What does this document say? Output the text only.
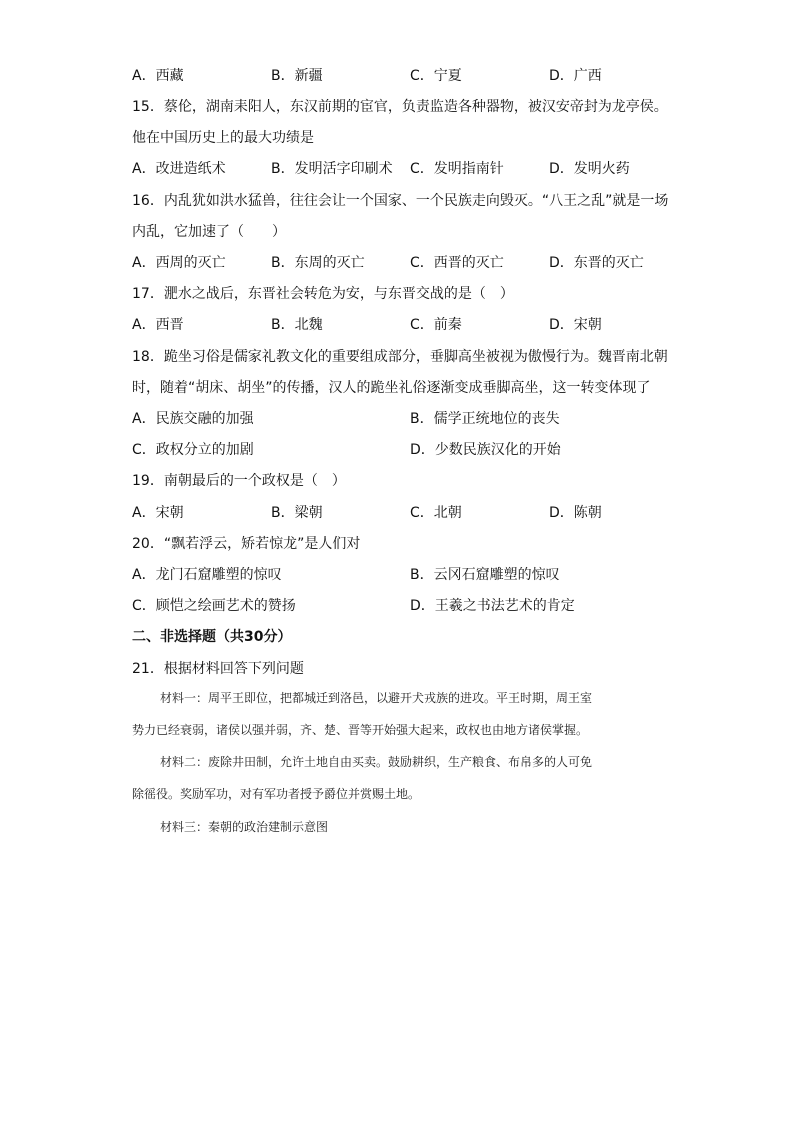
A．西藏	B．新疆	C．宁夏	D．广西
15．蔡伦，湖南耒阳人，东汉前期的宦官，负责监造各种器物，被汉安帝封为龙亭侯。
他在中国历史上的最大功绩是
A．改进造纸术	B．发明活字印刷术 C．发明指南针	D．发明火药
16．内乱犹如洪水猛兽，往往会让一个国家、一个民族走向毁灭。“八王之乱”就是一场
内乱，它加速了（　　）
A．西周的灭亡	B．东周的灭亡	C．西晋的灭亡	D．东晋的灭亡
17．淝水之战后，东晋社会转危为安，与东晋交战的是（　）
A．西晋	B．北魏	C．前秦	D．宋朝
18．跪坐习俗是儒家礼教文化的重要组成部分，垂脚高坐被视为傲慢行为。魏晋南北朝
时，随着“胡床、胡坐”的传播，汉人的跪坐礼俗逐渐变成垂脚高坐，这一转变体现了
A．民族交融的加强	B．儒学正统地位的丧失
C．政权分立的加剧	D．少数民族汉化的开始
19．南朝最后的一个政权是（　）
A．宋朝	B．梁朝	C．北朝	D．陈朝
20．“飘若浮云，矫若惊龙”是人们对
A．龙门石窟雕塑的惊叹	B．云冈石窟雕塑的惊叹
C．顾恺之绘画艺术的赞扬	D．王羲之书法艺术的肯定
二、非选择题（共30分）
21．根据材料回答下列问题
材料一：周平王即位，把都城迁到洛邑，以避开犬戎族的进攻。平王时期，周王室
势力已经衰弱，诸侯以强并弱，齐、楚、晋等开始强大起来，政权也由地方诸侯掌握。
材料二：废除井田制，允许土地自由买卖。鼓励耕织，生产粮食、布帛多的人可免
除徭役。奖励军功，对有军功者授予爵位并赏赐土地。
材料三：秦朝的政治建制示意图
